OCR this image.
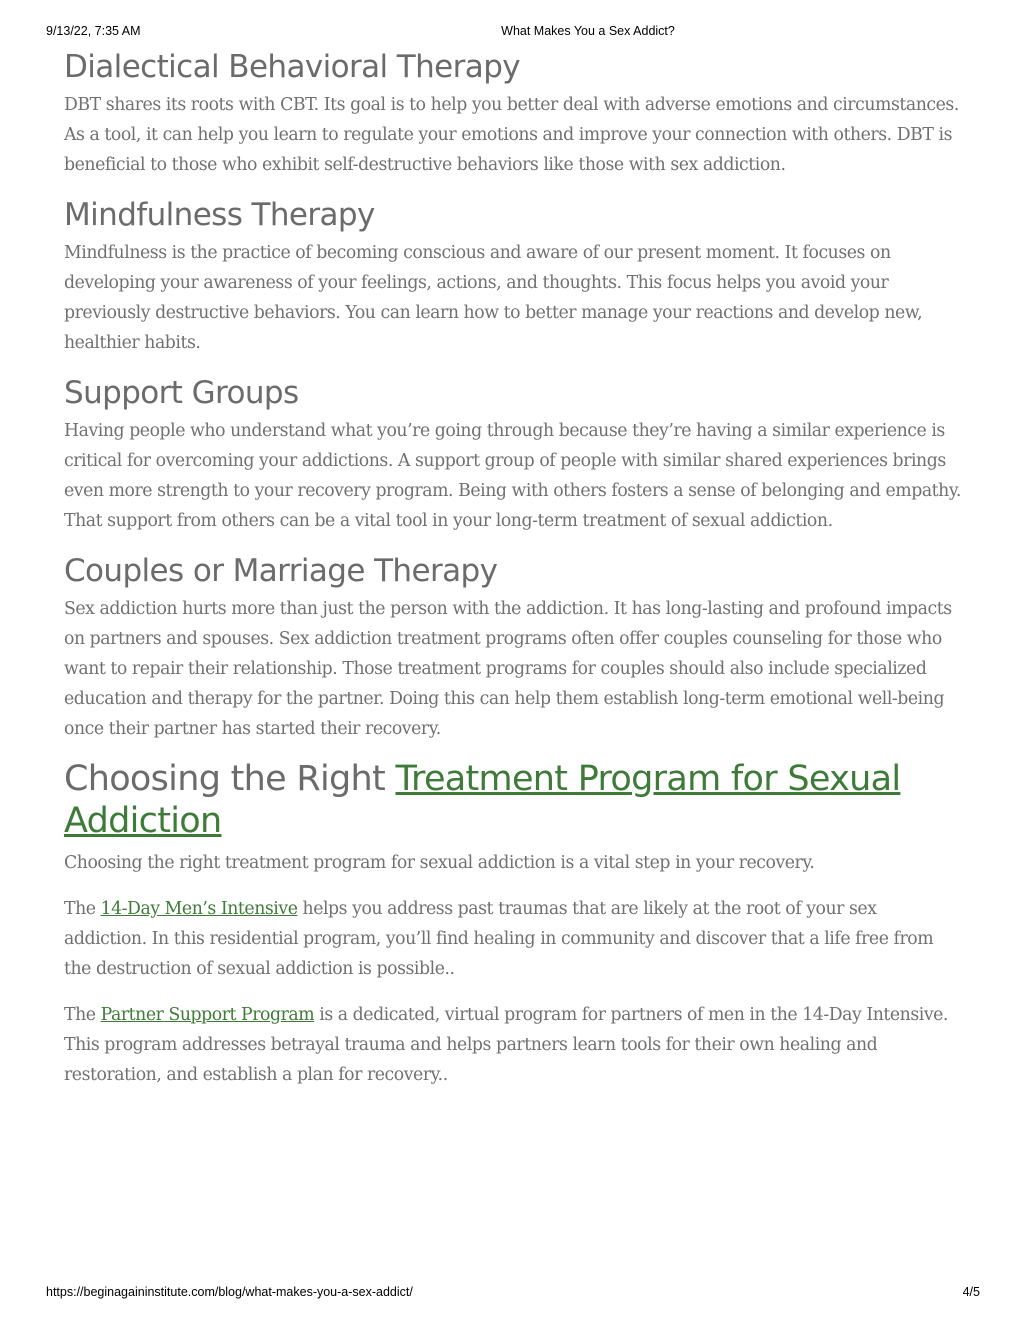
9/13/22, 7:35 AM	What Makes You a Sex Addict?
Dialectical Behavioral Therapy

DBT shares its roots with CBT. Its goal is to help you better deal with adverse emotions and circumstances. As a tool, it can help you learn to regulate your emotions and improve your connection with others. DBT is beneficial to those who exhibit self-destructive behaviors like those with sex addiction.

Mindfulness Therapy

Mindfulness is the practice of becoming conscious and aware of our present moment. It focuses on developing your awareness of your feelings, actions, and thoughts. This focus helps you avoid your previously destructive behaviors. You can learn how to better manage your reactions and develop new, healthier habits.

Support Groups

Having people who understand what you’re going through because they’re having a similar experience is critical for overcoming your addictions. A support group of people with similar shared experiences brings even more strength to your recovery program. Being with others fosters a sense of belonging and empathy. That support from others can be a vital tool in your long-term treatment of sexual addiction.

Couples or Marriage Therapy

Sex addiction hurts more than just the person with the addiction. It has long-lasting and profound impacts on partners and spouses. Sex addiction treatment programs often offer couples counseling for those who want to repair their relationship. Those treatment programs for couples should also include specialized education and therapy for the partner. Doing this can help them establish long-term emotional well-being once their partner has started their recovery.

Choosing the Right Treatment Program for Sexual Addiction

Choosing the right treatment program for sexual addiction is a vital step in your recovery.

The 14-Day Men’s Intensive helps you address past traumas that are likely at the root of your sex addiction. In this residential program, you’ll find healing in community and discover that a life free from the destruction of sexual addiction is possible..

The Partner Support Program is a dedicated, virtual program for partners of men in the 14-Day Intensive. This program addresses betrayal trauma and helps partners learn tools for their own healing and restoration, and establish a plan for recovery..

https://beginagaininstitute.com/blog/what-makes-you-a-sex-addict/	4/5
